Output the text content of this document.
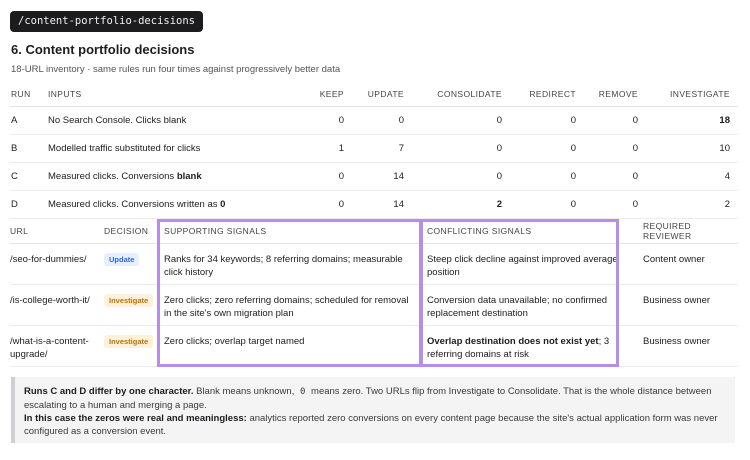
/content-portfolio-decisions
6. Content portfolio decisions
18-URL inventory · same rules run four times against progressively better data
RUN	INPUTS	KEEP	UPDATE	CONSOLIDATE	REDIRECT	REMOVE	INVESTIGATE
A	No Search Console. Clicks blank	0	0	0	0	0	18
B	Modelled traffic substituted for clicks	1	7	0	0	0	10
C	Measured clicks. Conversions blank	0	14	0	0	0	4
D	Measured clicks. Conversions written as 0	0	14	2	0	0	2
URL	DECISION	SUPPORTING SIGNALS	CONFLICTING SIGNALS	REQUIRED REVIEWER
/seo-for-dummies/	Update	Ranks for 34 keywords; 8 referring domains; measurable click history	Steep click decline against improved average position	Content owner
/is-college-worth-it/	Investigate	Zero clicks; zero referring domains; scheduled for removal in the site's own migration plan	Conversion data unavailable; no confirmed replacement destination	Business owner
/what-is-a-content-upgrade/	Investigate	Zero clicks; overlap target named	Overlap destination does not exist yet; 3 referring domains at risk	Business owner
Runs C and D differ by one character. Blank means unknown, 0 means zero. Two URLs flip from Investigate to Consolidate. That is the whole distance between escalating to a human and merging a page.
In this case the zeros were real and meaningless: analytics reported zero conversions on every content page because the site's actual application form was never configured as a conversion event.
